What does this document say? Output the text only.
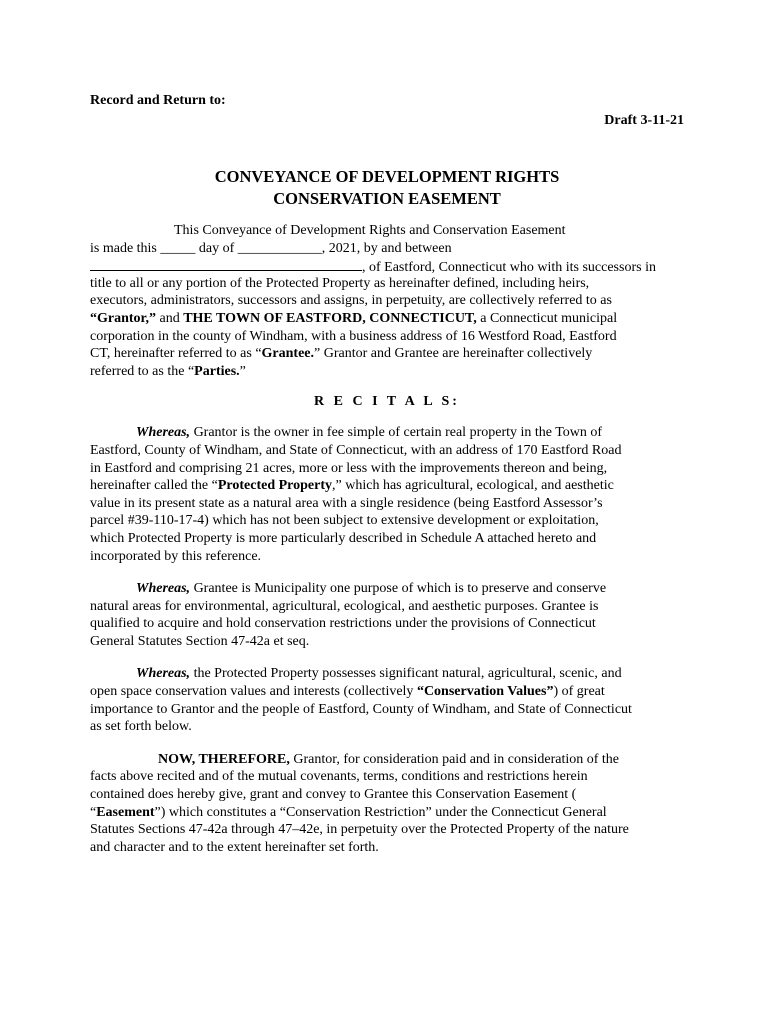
Record and Return to:
Draft 3-11-21
CONVEYANCE OF DEVELOPMENT RIGHTS
CONSERVATION EASEMENT
This Conveyance of Development Rights and Conservation Easement
is made this _____ day of ____________, 2021, by and between
, of Eastford, Connecticut who with its successors in
title to all or any portion of the Protected Property as hereinafter defined, including heirs,
executors, administrators, successors and assigns, in perpetuity, are collectively referred to as
“Grantor,” and THE TOWN OF EASTFORD, CONNECTICUT, a Connecticut municipal
corporation in the county of Windham, with a business address of 16 Westford Road, Eastford
CT, hereinafter referred to as “Grantee.” Grantor and Grantee are hereinafter collectively
referred to as the “Parties.”
R E C I T A L S:
Whereas, Grantor is the owner in fee simple of certain real property in the Town of
Eastford, County of Windham, and State of Connecticut, with an address of 170 Eastford Road
in Eastford and comprising 21 acres, more or less with the improvements thereon and being,
hereinafter called the “Protected Property,” which has agricultural, ecological, and aesthetic
value in its present state as a natural area with a single residence (being Eastford Assessor’s
parcel #39-110-17-4) which has not been subject to extensive development or exploitation,
which Protected Property is more particularly described in Schedule A attached hereto and
incorporated by this reference.
Whereas, Grantee is Municipality one purpose of which is to preserve and conserve
natural areas for environmental, agricultural, ecological, and aesthetic purposes. Grantee is
qualified to acquire and hold conservation restrictions under the provisions of Connecticut
General Statutes Section 47-42a et seq.
Whereas, the Protected Property possesses significant natural, agricultural, scenic, and
open space conservation values and interests (collectively “Conservation Values”) of great
importance to Grantor and the people of Eastford, County of Windham, and State of Connecticut
as set forth below.
NOW, THEREFORE, Grantor, for consideration paid and in consideration of the
facts above recited and of the mutual covenants, terms, conditions and restrictions herein
contained does hereby give, grant and convey to Grantee this Conservation Easement (
“Easement”) which constitutes a “Conservation Restriction” under the Connecticut General
Statutes Sections 47-42a through 47–42e, in perpetuity over the Protected Property of the nature
and character and to the extent hereinafter set forth.
